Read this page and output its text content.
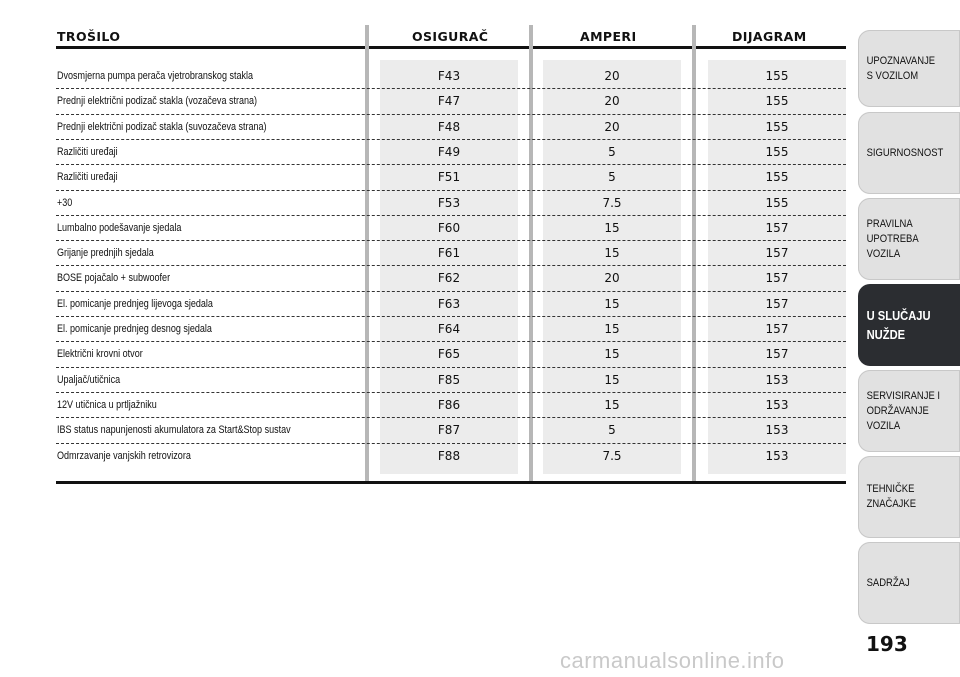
TROŠILO	OSIGURAČ	AMPERI	DIJAGRAM
Dvosmjerna pumpa perača vjetrobranskog stakla	F43	20	155
Prednji električni podizač stakla (vozačeva strana)	F47	20	155
Prednji električni podizač stakla (suvozačeva strana)	F48	20	155
Različiti uređaji	F49	5	155
Različiti uređaji	F51	5	155
+30	F53	7.5	155
Lumbalno podešavanje sjedala	F60	15	157
Grijanje prednjih sjedala	F61	15	157
BOSE pojačalo + subwoofer	F62	20	157
El. pomicanje prednjeg lijevoga sjedala	F63	15	157
El. pomicanje prednjeg desnog sjedala	F64	15	157
Električni krovni otvor	F65	15	157
Upaljač/utičnica	F85	15	153
12V utičnica u prtljažniku	F86	15	153
IBS status napunjenosti akumulatora za Start&Stop sustav	F87	5	153
Odmrzavanje vanjskih retrovizora	F88	7.5	153
UPOZNAVANJE
S VOZILOM
SIGURNOSNOST
PRAVILNA
UPOTREBA
VOZILA
U SLUČAJU
NUŽDE
SERVISIRANJE I
ODRŽAVANJE
VOZILA
TEHNIČKE
ZNAČAJKE
SADRŽAJ
193
carmanualsonline.info
